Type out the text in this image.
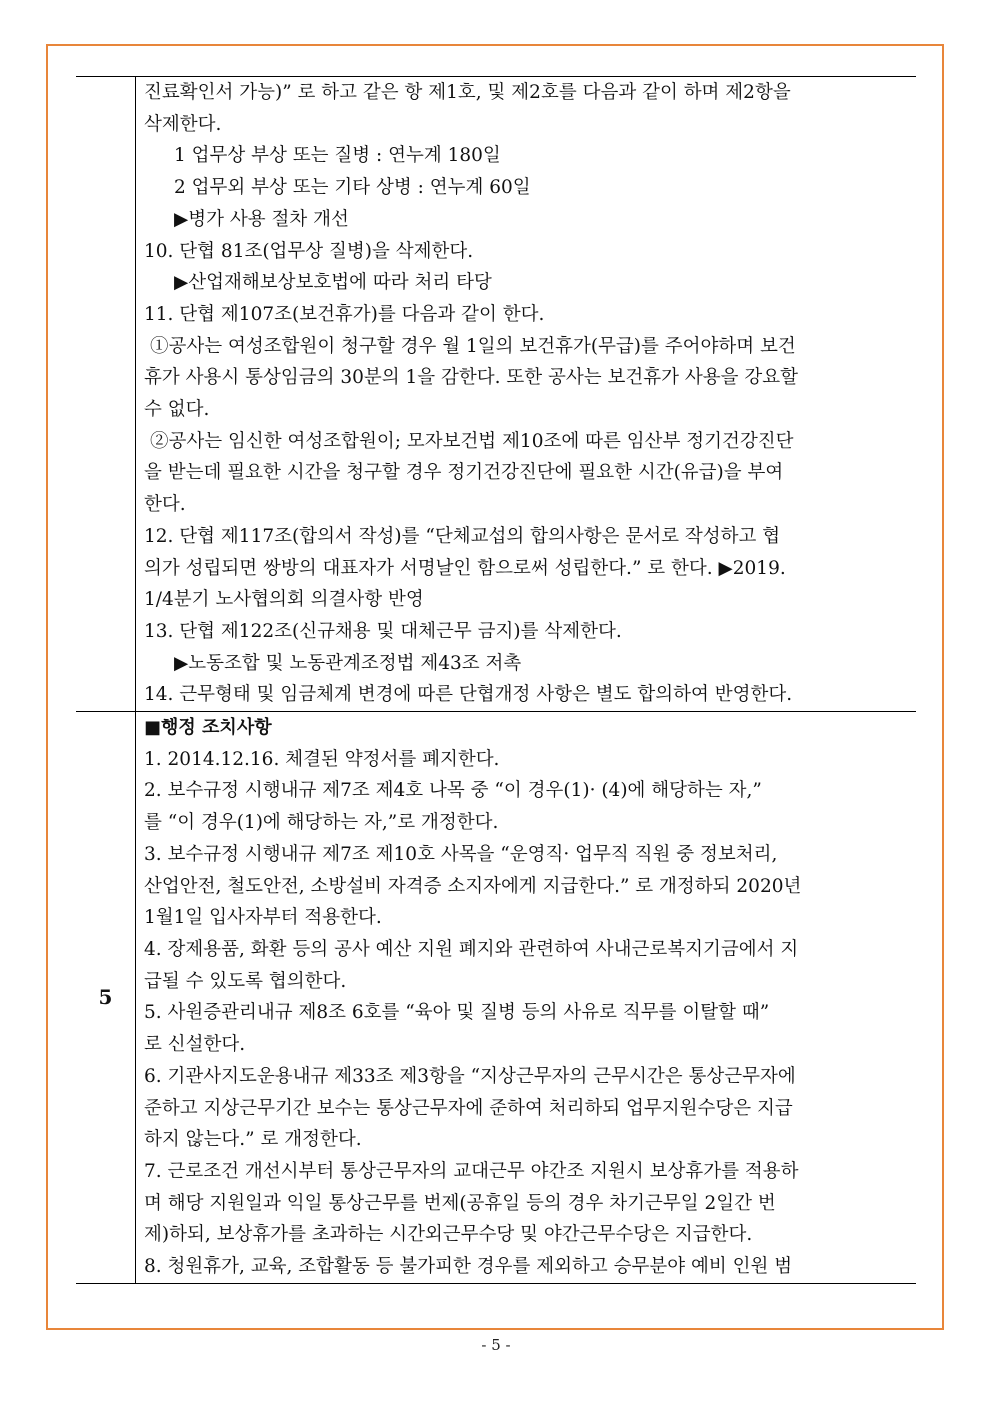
진료확인서 가능)” 로 하고 같은 항 제1호, 및 제2호를 다음과 같이 하며 제2항을
삭제한다.
1 업무상 부상 또는 질병 : 연누계 180일
2 업무외 부상 또는 기타 상병 : 연누계 60일
▶병가 사용 절차 개선
10. 단협 81조(업무상 질병)을 삭제한다.
▶산업재해보상보호법에 따라 처리 타당
11. 단협 제107조(보건휴가)를 다음과 같이 한다.
①공사는 여성조합원이 청구할 경우 월 1일의 보건휴가(무급)를 주어야하며 보건
휴가 사용시 통상임금의 30분의 1을 감한다. 또한 공사는 보건휴가 사용을 강요할
수 없다.
②공사는 임신한 여성조합원이; 모자보건법 제10조에 따른 임산부 정기건강진단
을 받는데 필요한 시간을 청구할 경우 정기건강진단에 필요한 시간(유급)을 부여
한다.
12. 단협 제117조(합의서 작성)를 “단체교섭의 합의사항은 문서로 작성하고 협
의가 성립되면 쌍방의 대표자가 서명날인 함으로써 성립한다.” 로 한다. ▶2019.
1/4분기 노사협의회 의결사항 반영
13. 단협 제122조(신규채용 및 대체근무 금지)를 삭제한다.
▶노동조합 및 노동관계조정법 제43조 저촉
14. 근무형태 및 임금체계 변경에 따른 단협개정 사항은 별도 합의하여 반영한다.
5
■행정 조치사항
1. 2014.12.16. 체결된 약정서를 폐지한다.
2. 보수규정 시행내규 제7조 제4호 나목 중 “이 경우(1)· (4)에 해당하는 자,”
를 “이 경우(1)에 해당하는 자,”로 개정한다.
3. 보수규정 시행내규 제7조 제10호 사목을 “운영직· 업무직 직원 중 정보처리,
산업안전, 철도안전, 소방설비 자격증 소지자에게 지급한다.” 로 개정하되 2020년
1월1일 입사자부터 적용한다.
4. 장제용품, 화환 등의 공사 예산 지원 폐지와 관련하여 사내근로복지기금에서 지
급될 수 있도록 협의한다.
5. 사원증관리내규 제8조 6호를 “육아 및 질병 등의 사유로 직무를 이탈할 때”
로 신설한다.
6. 기관사지도운용내규 제33조 제3항을 “지상근무자의 근무시간은 통상근무자에
준하고 지상근무기간 보수는 통상근무자에 준하여 처리하되 업무지원수당은 지급
하지 않는다.” 로 개정한다.
7. 근로조건 개선시부터 통상근무자의 교대근무 야간조 지원시 보상휴가를 적용하
며 해당 지원일과 익일 통상근무를 번제(공휴일 등의 경우 차기근무일 2일간 번
제)하되, 보상휴가를 초과하는 시간외근무수당 및 야간근무수당은 지급한다.
8. 청원휴가, 교육, 조합활동 등 불가피한 경우를 제외하고 승무분야 예비 인원 범
- 5 -
